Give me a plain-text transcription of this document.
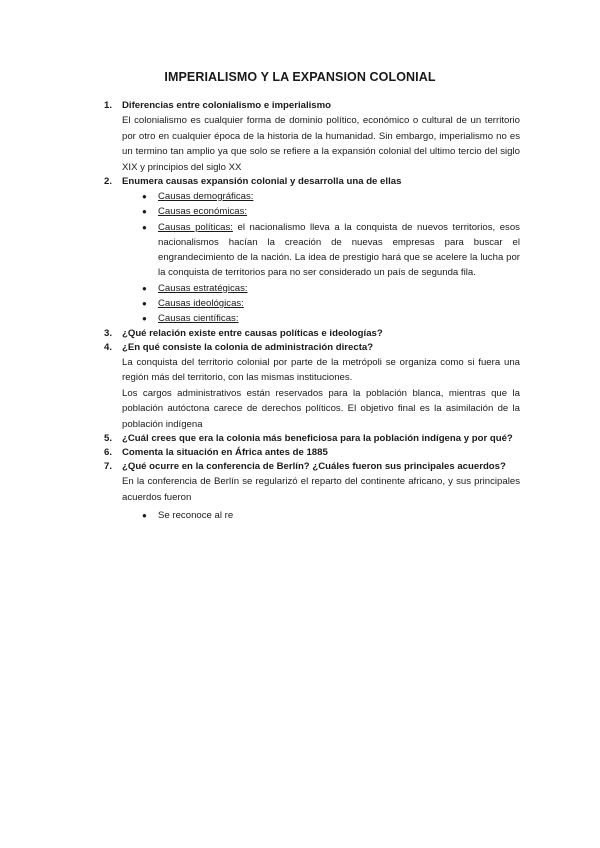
IMPERIALISMO Y LA EXPANSION COLONIAL
1. Diferencias entre colonialismo e imperialismo
El colonialismo es cualquier forma de dominio político, económico o cultural de un territorio por otro en cualquier época de la historia de la humanidad. Sin embargo, imperialismo no es un termino tan amplio ya que solo se refiere a la expansión colonial del ultimo tercio del siglo XIX y principios del siglo XX
2. Enumera causas expansión colonial y desarrolla una de ellas
● Causas demográficas:
● Causas económicas:
● Causas políticas: el nacionalismo lleva a la conquista de nuevos territorios, esos nacionalismos hacían la creación de nuevas empresas para buscar el engrandecimiento de la nación. La idea de prestigio hará que se acelere la lucha por la conquista de territorios para no ser considerado un país de segunda fila.
● Causas estratégicas:
● Causas ideológicas:
● Causas científicas:
3. ¿Qué relación existe entre causas políticas e ideologías?
4. ¿En qué consiste la colonia de administración directa?
La conquista del territorio colonial por parte de la metrópoli se organiza como si fuera una región más del territorio, con las mismas instituciones.
Los cargos administrativos están reservados para la población blanca, mientras que la población autóctona carece de derechos políticos. El objetivo final es la asimilación de la población indígena
5. ¿Cuál crees que era la colonia más beneficiosa para la población indígena y por qué?
6. Comenta la situación en África antes de 1885
7. ¿Qué ocurre en la conferencia de Berlín? ¿Cuáles fueron sus principales acuerdos?
En la conferencia de Berlín se regularizó el reparto del continente africano, y sus principales acuerdos fueron
● Se reconoce al re
